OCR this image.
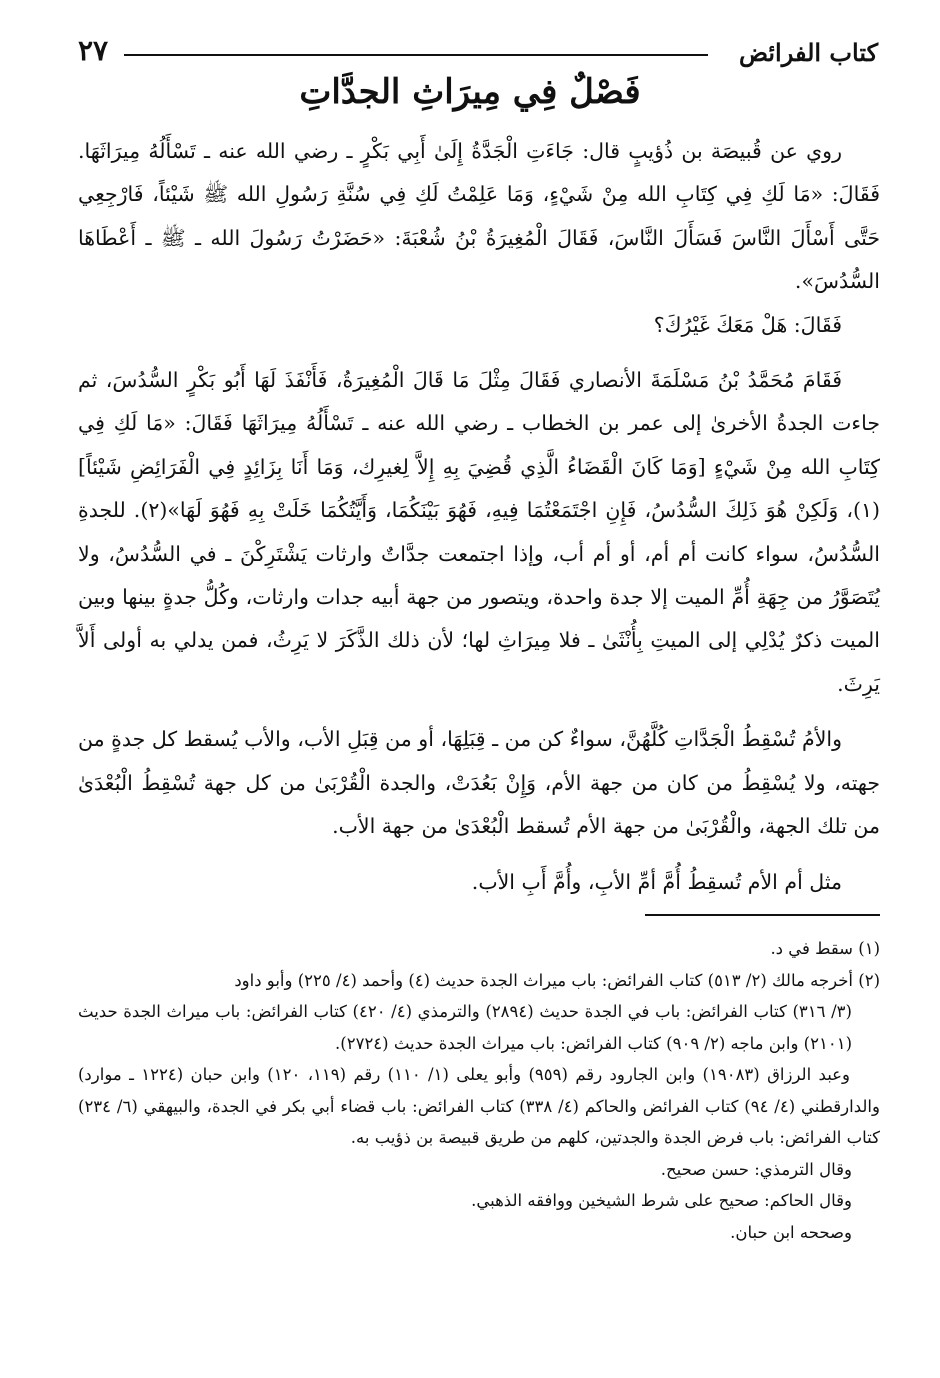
كتاب الفرائض
٢٧
فَصْلٌ فِي مِيرَاثِ الجدَّاتِ

روي عن قُبيصَة بن ذُؤيبٍ قال: جَاءَتِ الْجَدَّةُ إِلَىٰ أَبِي بَكْرٍ ـ رضي الله عنه ـ تَسْأَلُهُ مِيرَاثَهَا. فَقَالَ: «مَا لَكِ فِي كِتَابِ الله مِنْ شَيْءٍ، وَمَا عَلِمْتُ لَكِ فِي سُنَّةِ رَسُولِ الله ﷺ شَيْئاً، فَارْجِعِي حَتَّى أَسْأَلَ النَّاسَ فَسَأَلَ النَّاسَ، فَقَالَ الْمُغِيرَةُ بْنُ شُعْبَةَ: «حَضَرْتُ رَسُولَ الله ـ ﷺ ـ أَعْطَاهَا السُّدُسَ».

فَقَالَ: هَلْ مَعَكَ غَيْرُكَ؟

فَقَامَ مُحَمَّدُ بْنُ مَسْلَمَةَ الأنصاري فَقَالَ مِثْلَ مَا قَالَ الْمُغِيرَةُ، فَأَنْفَذَ لَهَا أَبُو بَكْرٍ السُّدُسَ، ثم جاءت الجدةُ الأخرىٰ إلى عمر بن الخطاب ـ رضي الله عنه ـ تَسْأَلُهُ مِيرَاثَهَا فَقَالَ: «مَا لَكِ فِي كِتَابِ الله مِنْ شَيْءٍ [وَمَا كَانَ الْقَضَاءُ الَّذِي قُضِيَ بِهِ إِلاَّ لِغيرِك، وَمَا أَنَا بِزَائِدٍ فِي الْفَرَائِضِ شَيْئاً](١)، وَلَكِنْ هُوَ ذَلِكَ السُّدُسُ، فَإِنِ اجْتَمَعْتُمَا فِيهِ، فَهُوَ بَيْنَكُمَا، وَأَيَّتُكُمَا خَلَتْ بِهِ فَهُوَ لَهَا»(٢). للجدةِ السُّدُسُ، سواء كانت أم أم، أو أم أب، وإذا اجتمعت جدَّاتٌ وارثات يَشْتَرِكْنَ ـ في السُّدُسُ، ولا يُتَصَوَّرُ من جِهَةِ أُمِّ الميت إلا جدة واحدة، ويتصور من جهة أبيه جدات وارثات، وكُلُّ جدةٍ بينها وبين الميت ذكرٌ يُدْلِي إلى الميتِ بِأُنْثَىٰ ـ فلا مِيرَاثِ لها؛ لأن ذلك الذَّكَرَ لا يَرِثُ، فمن يدلي به أولى أَلاَّ يَرِثَ.

والأمُ تُسْقِطُ الْجَدَّاتِ كُلَّهُنَّ، سواءٌ كن من ـ قِبَلِهَا، أو من قِبَلِ الأب، والأب يُسقط كل جدةٍ من جهته، ولا يُسْقِطُ من كان من جهة الأم، وَإِنْ بَعُدَتْ، والجدة الْقُرْبَىٰ من كل جهة تُسْقِطُ الْبُعْدَىٰ من تلك الجهة، والْقُرْبَىٰ من جهة الأم تُسقط الْبُعْدَىٰ من جهة الأب.

مثل أم الأم تُسقِطُ أُمَّ أمِّ الأبِ، وأُمَّ أَبِ الأب.

(١) سقط في د.

(٢) أخرجه مالك (٢/ ٥١٣) كتاب الفرائض: باب ميراث الجدة حديث (٤) وأحمد (٤/ ٢٢٥) وأبو داود

(٣/ ٣١٦) كتاب الفرائض: باب في الجدة حديث (٢٨٩٤) والترمذي (٤/ ٤٢٠) كتاب الفرائض: باب ميراث الجدة حديث (٢١٠١) وابن ماجه (٢/ ٩٠٩) كتاب الفرائض: باب ميراث الجدة حديث (٢٧٢٤).

وعبد الرزاق (١٩٠٨٣) وابن الجارود رقم (٩٥٩) وأبو يعلى (١/ ١١٠) رقم (١١٩، ١٢٠) وابن حبان (١٢٢٤ ـ موارد) والدارقطني (٤/ ٩٤) كتاب الفرائض والحاكم (٤/ ٣٣٨) كتاب الفرائض: باب قضاء أبي بكر في الجدة، والبيهقي (٦/ ٢٣٤) كتاب الفرائض: باب فرض الجدة والجدتين، كلهم من طريق قبيصة بن ذؤيب به.

وقال الترمذي: حسن صحيح.

وقال الحاكم: صحيح على شرط الشيخين ووافقه الذهبي.

وصححه ابن حبان.
